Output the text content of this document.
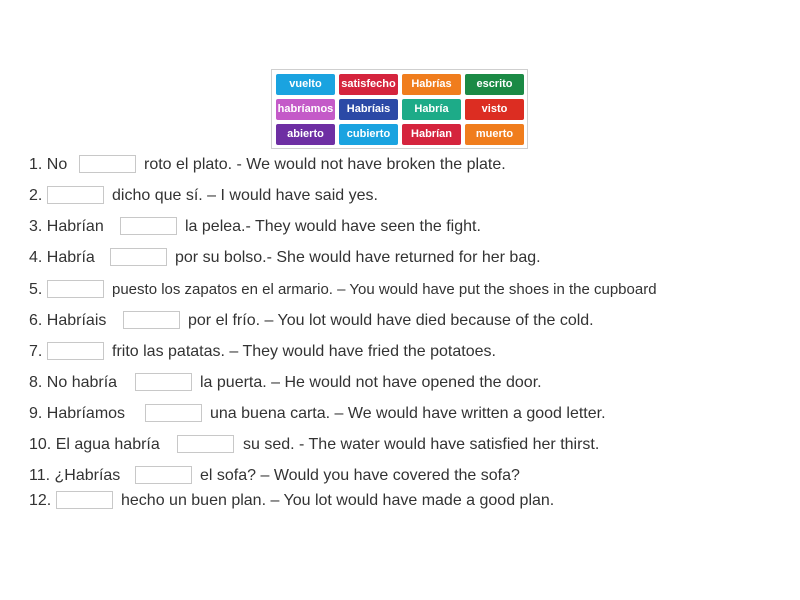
vuelto	satisfecho	Habrías	escrito
habríamos	Habríais	Habría	visto
abierto	cubierto	Habrían	muerto
1. No	roto el plato. - We would not have broken the plate.
2.	dicho que sí. – I would have said yes.
3. Habrían	la pelea.- They would have seen the fight.
4. Habría	por su bolso.- She would have returned for her bag.
5.	puesto los zapatos en el armario. – You would have put the shoes in the cupboard
6. Habríais	por el frío. – You lot would have died because of the cold.
7.	frito las patatas. – They would have fried the potatoes.
8. No habría	la puerta. – He would not have opened the door.
9. Habríamos	una buena carta. – We would have written a good letter.
10. El agua habría	su sed. - The water would have satisfied her thirst.
11. ¿Habrías	el sofa? – Would you have covered the sofa?
12.	hecho un buen plan. – You lot would have made a good plan.
